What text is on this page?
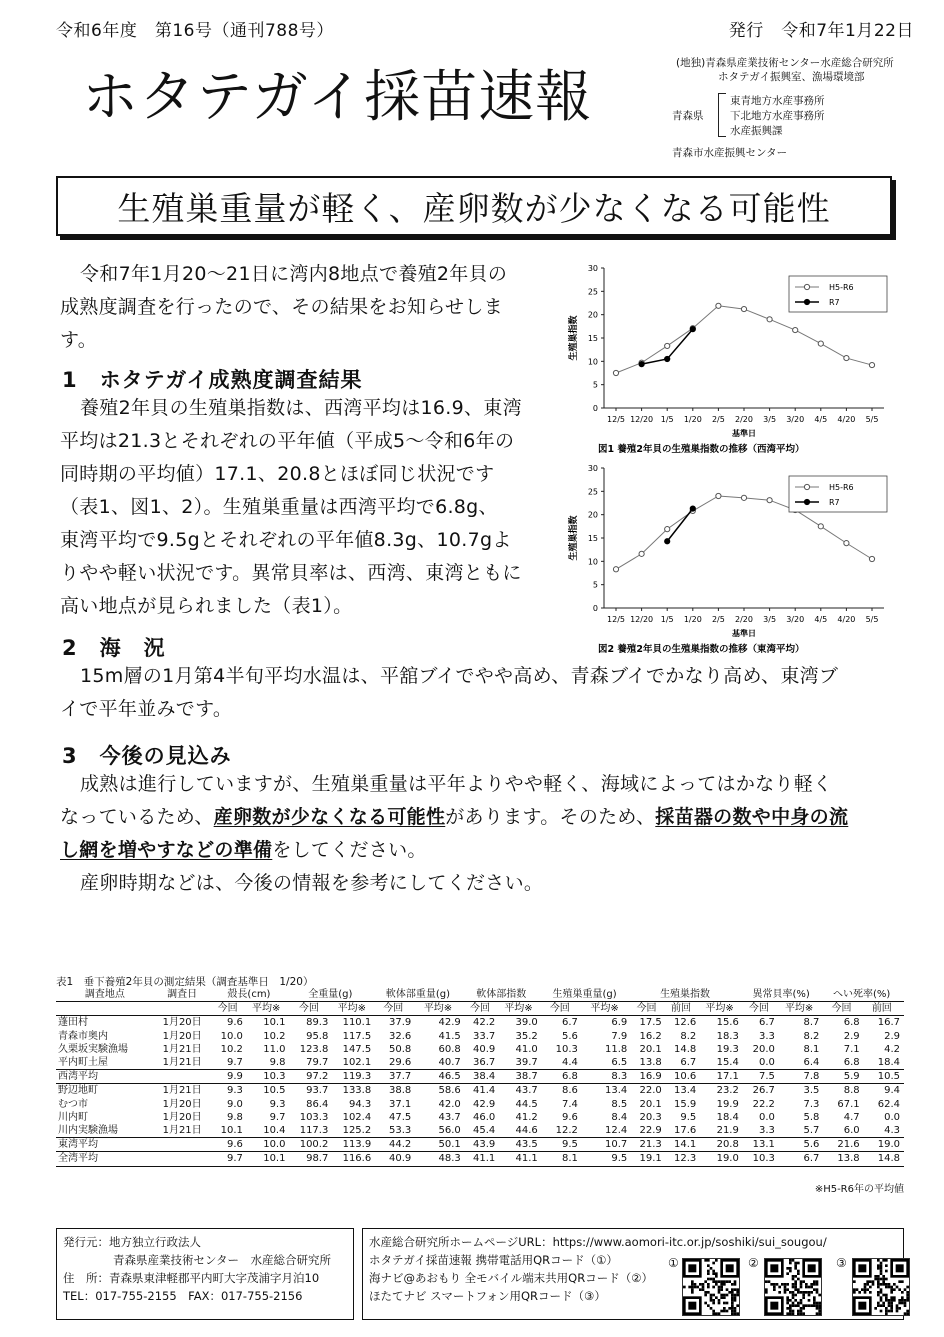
令和6年度　第16号（通刊788号）	発行　令和7年1月22日
ホタテガイ採苗速報
(地独)青森県産業技術センター水産総合研究所
ホタテガイ振興室、漁場環境部
青森県
東青地方水産事務所
下北地方水産事務所
水産振興課
青森市水産振興センター
生殖巣重量が軽く、産卵数が少なくなる可能性
令和7年1月20～21日に湾内8地点で養殖2年貝の
成熟度調査を行ったので、その結果をお知らせしま
す。
1　ホタテガイ成熟度調査結果
養殖2年貝の生殖巣指数は、西湾平均は16.9、東湾
平均は21.3とそれぞれの平年値（平成5～令和6年の
同時期の平均値）17.1、20.8とほぼ同じ状況です
（表1、図1、2）。生殖巣重量は西湾平均で6.8g、
東湾平均で9.5gとそれぞれの平年値8.3g、10.7gよ
りやや軽い状況です。異常貝率は、西湾、東湾ともに
高い地点が見られました（表1）。
0
5
10
15
20
25
30
12/5 12/20 1/5 1/20 2/5 2/20 3/5 3/20 4/5 4/20 5/5
基準日
生殖巣指数
H5-R6
R7
図1 養殖2年貝の生殖巣指数の推移（西湾平均）
0
5
10
15
20
25
30
12/5 12/20 1/5 1/20 2/5 2/20 3/5 3/20 4/5 4/20 5/5
基準日
生殖巣指数
H5-R6
R7
図2 養殖2年貝の生殖巣指数の推移（東湾平均）
2　海　況
15m層の1月第4半旬平均水温は、平舘ブイでやや高め、青森ブイでかなり高め、東湾ブ
イで平年並みです。
3　今後の見込み
成熟は進行していますが、生殖巣重量は平年よりやや軽く、海域によってはかなり軽く
なっているため、産卵数が少なくなる可能性があります。そのため、採苗器の数や中身の流
し網を増やすなどの準備をしてください。
産卵時期などは、今後の情報を参考にしてください。
表1　垂下養殖2年貝の測定結果（調査基準日　1/20）
調査地点	調査日	殻長(cm)		全重量(g)		軟体部重量(g)		軟体部指数		生殖巣重量(g)		生殖巣指数			異常貝率(%)		へい死率(%)	
		今回	平均※	今回	平均※	今回	平均※	今回	平均※	今回	平均※	今回	前回	平均※	今回	平均※	今回	前回
蓬田村	1月20日	9.6	10.1	89.3	110.1	37.9	42.9	42.2	39.0	6.7	6.9	17.5	12.6	15.6	6.7	8.7	6.8	16.7
青森市奥内	1月20日	10.0	10.2	95.8	117.5	32.6	41.5	33.7	35.2	5.6	7.9	16.2	8.2	18.3	3.3	8.2	2.9	2.9
久栗坂実験漁場	1月21日	10.2	11.0	123.8	147.5	50.8	60.8	40.9	41.0	10.3	11.8	20.1	14.8	19.3	20.0	8.1	7.1	4.2
平内町土屋	1月21日	9.7	9.8	79.7	102.1	29.6	40.7	36.7	39.7	4.4	6.5	13.8	6.7	15.4	0.0	6.4	6.8	18.4
西湾平均		9.9	10.3	97.2	119.3	37.7	46.5	38.4	38.7	6.8	8.3	16.9	10.6	17.1	7.5	7.8	5.9	10.5
野辺地町	1月21日	9.3	10.5	93.7	133.8	38.8	58.6	41.4	43.7	8.6	13.4	22.0	13.4	23.2	26.7	3.5	8.8	9.4
むつ市	1月20日	9.0	9.3	86.4	94.3	37.1	42.0	42.9	44.5	7.4	8.5	20.1	15.9	19.9	22.2	7.3	67.1	62.4
川内町	1月20日	9.8	9.7	103.3	102.4	47.5	43.7	46.0	41.2	9.6	8.4	20.3	9.5	18.4	0.0	5.8	4.7	0.0
川内実験漁場	1月21日	10.1	10.4	117.3	125.2	53.3	56.0	45.4	44.6	12.2	12.4	22.9	17.6	21.9	3.3	5.7	6.0	4.3
東湾平均		9.6	10.0	100.2	113.9	44.2	50.1	43.9	43.5	9.5	10.7	21.3	14.1	20.8	13.1	5.6	21.6	19.0
全湾平均		9.7	10.1	98.7	116.6	40.9	48.3	41.1	41.1	8.1	9.5	19.1	12.3	19.0	10.3	6.7	13.8	14.8
※H5-R6年の平均値
発行元：地方独立行政法人
青森県産業技術センター　水産総合研究所
住　所：青森県東津軽郡平内町大字茂浦字月泊10
TEL：017-755-2155　FAX：017-755-2156
水産総合研究所ホームページURL：https://www.aomori-itc.or.jp/soshiki/sui_sougou/
ホタテガイ採苗速報 携帯電話用QRコード（①）
海ナビ@あおもり 全モバイル端末共用QRコード（②）
ほたてナビ スマートフォン用QRコード（③）
①	②	③
